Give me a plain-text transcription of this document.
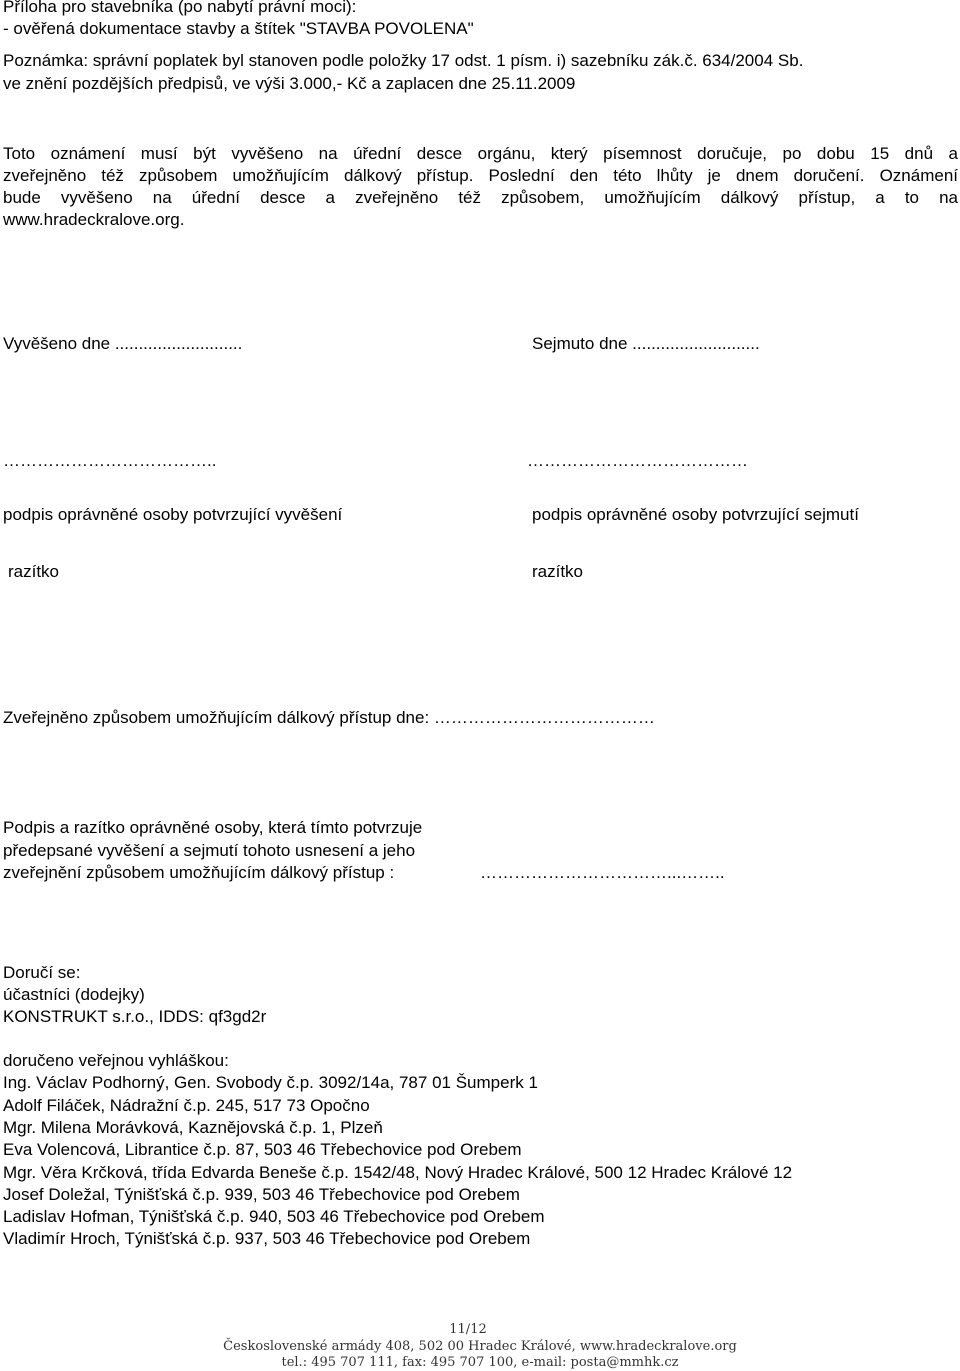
Příloha pro stavebníka (po nabytí právní moci):
- ověřená dokumentace stavby a štítek "STAVBA POVOLENA"
Poznámka: správní poplatek byl stanoven podle položky 17 odst. 1 písm. i) sazebníku zák.č. 634/2004 Sb.
ve znění pozdějších předpisů, ve výši 3.000,- Kč a zaplacen dne 25.11.2009
Toto oznámení musí být vyvěšeno na úřední desce orgánu, který písemnost doručuje, po dobu 15 dnů a
zveřejněno též způsobem umožňujícím dálkový přístup. Poslední den této lhůty je dnem doručení. Oznámení
bude vyvěšeno na úřední desce a zveřejněno též způsobem, umožňujícím dálkový přístup, a to na
www.hradeckralove.org.
Vyvěšeno dne ...........................	Sejmuto dne ...........................
………………………………..	…………………………………
podpis oprávněné osoby potvrzující vyvěšení	podpis oprávněné osoby potvrzující sejmutí
razítko	razítko
Zveřejněno způsobem umožňujícím dálkový přístup dne: …………………………………
Podpis a razítko oprávněné osoby, která tímto potvrzuje
předepsané vyvěšení a sejmutí tohoto usnesení a jeho
zveřejnění způsobem umožňujícím dálkový přístup :	……………………………...……..
Doručí se:
účastníci (dodejky)
KONSTRUKT s.r.o., IDDS: qf3gd2r
doručeno veřejnou vyhláškou:
Ing. Václav Podhorný, Gen. Svobody č.p. 3092/14a, 787 01 Šumperk 1
Adolf Filáček, Nádražní č.p. 245, 517 73 Opočno
Mgr. Milena Morávková, Kaznějovská č.p. 1, Plzeň
Eva Volencová, Librantice č.p. 87, 503 46 Třebechovice pod Orebem
Mgr. Věra Krčková, třída Edvarda Beneše č.p. 1542/48, Nový Hradec Králové, 500 12 Hradec Králové 12
Josef Doležal, Týnišťská č.p. 939, 503 46 Třebechovice pod Orebem
Ladislav Hofman, Týnišťská č.p. 940, 503 46 Třebechovice pod Orebem
Vladimír Hroch, Týnišťská č.p. 937, 503 46 Třebechovice pod Orebem
11/12
Československé armády 408, 502 00 Hradec Králové, www.hradeckralove.org
tel.: 495 707 111, fax: 495 707 100, e-mail: posta@mmhk.cz
